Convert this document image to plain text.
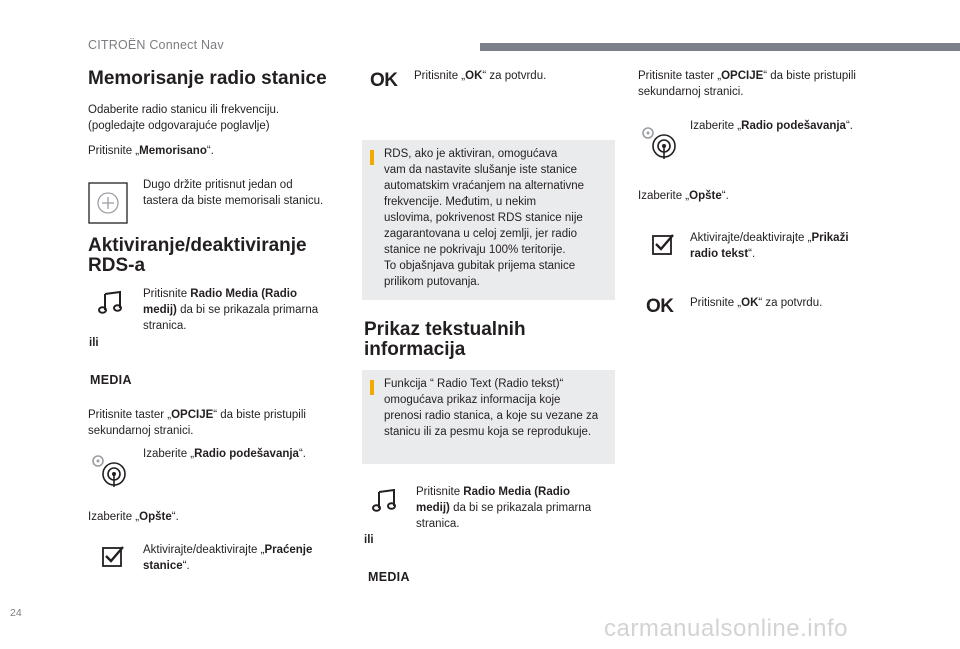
CITROËN Connect Nav
Memorisanje radio stanice
Odaberite radio stanicu ili frekvenciju.
(pogledajte odgovarajuće poglavlje)
Pritisnite „Memorisano“.
Dugo držite pritisnut jedan od
tastera da biste memorisali stanicu.
Aktiviranje/deaktiviranje
RDS-a
Pritisnite Radio Media (Radio
medij) da bi se prikazala primarna
stranica.
ili
MEDIA
Pritisnite taster „OPCIJE“ da biste pristupili
sekundarnoj stranici.
Izaberite „Radio podešavanja“.
Izaberite „Opšte“.
Aktivirajte/deaktivirajte „Praćenje
stanice“.
OK Pritisnite „OK“ za potvrdu.
RDS, ako je aktiviran, omogućava
vam da nastavite slušanje iste stanice
automatskim vraćanjem na alternativne
frekvencije. Međutim, u nekim
uslovima, pokrivenost RDS stanice nije
zagarantovana u celoj zemlji, jer radio
stanice ne pokrivaju 100% teritorije.
To objašnjava gubitak prijema stanice
prilikom putovanja.
Prikaz tekstualnih
informacija
Funkcija “ Radio Text (Radio tekst)“
omogućava prikaz informacija koje
prenosi radio stanica, a koje su vezane za
stanicu ili za pesmu koja se reprodukuje.
Pritisnite Radio Media (Radio
medij) da bi se prikazala primarna
stranica.
ili
MEDIA
Pritisnite taster „OPCIJE“ da biste pristupili
sekundarnoj stranici.
Izaberite „Radio podešavanja“.
Izaberite „Opšte“.
Aktivirajte/deaktivirajte „Prikaži
radio tekst“.
OK Pritisnite „OK“ za potvrdu.
24
carmanualsonline.info
